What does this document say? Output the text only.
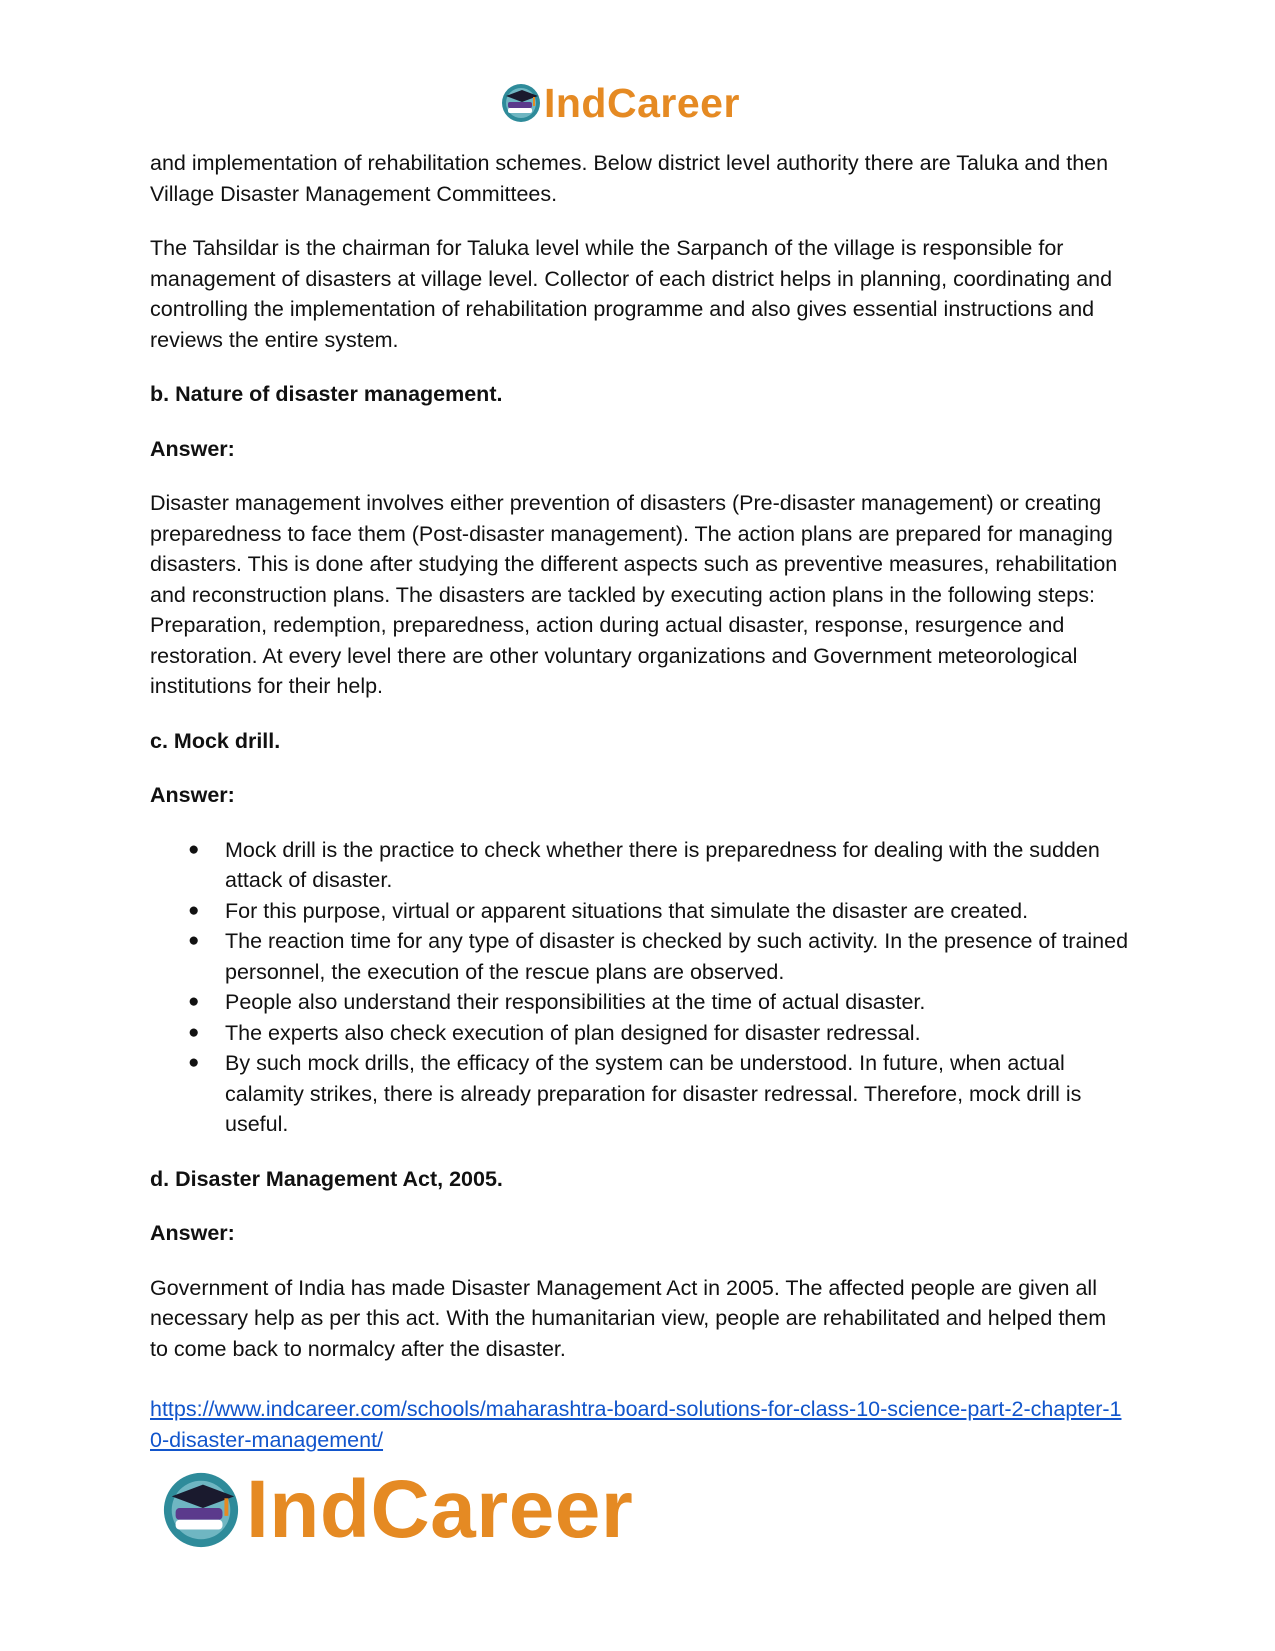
IndCareer

and implementation of rehabilitation schemes. Below district level authority there are Taluka and then Village Disaster Management Committees.

The Tahsildar is the chairman for Taluka level while the Sarpanch of the village is responsible for management of disasters at village level. Collector of each district helps in planning, coordinating and controlling the implementation of rehabilitation programme and also gives essential instructions and reviews the entire system.

b. Nature of disaster management.

Answer:

Disaster management involves either prevention of disasters (Pre-disaster management) or creating preparedness to face them (Post-disaster management). The action plans are prepared for managing disasters. This is done after studying the different aspects such as preventive measures, rehabilitation and reconstruction plans. The disasters are tackled by executing action plans in the following steps: Preparation, redemption, preparedness, action during actual disaster, response, resurgence and restoration. At every level there are other voluntary organizations and Government meteorological institutions for their help.

c. Mock drill.

Answer:

● Mock drill is the practice to check whether there is preparedness for dealing with the sudden attack of disaster.
● For this purpose, virtual or apparent situations that simulate the disaster are created.
● The reaction time for any type of disaster is checked by such activity. In the presence of trained personnel, the execution of the rescue plans are observed.
● People also understand their responsibilities at the time of actual disaster.
● The experts also check execution of plan designed for disaster redressal.
● By such mock drills, the efficacy of the system can be understood. In future, when actual calamity strikes, there is already preparation for disaster redressal. Therefore, mock drill is useful.

d. Disaster Management Act, 2005.

Answer:

Government of India has made Disaster Management Act in 2005. The affected people are given all necessary help as per this act. With the humanitarian view, people are rehabilitated and helped them to come back to normalcy after the disaster.

https://www.indcareer.com/schools/maharashtra-board-solutions-for-class-10-science-part-2-chapter-10-disaster-management/
IndCareer
